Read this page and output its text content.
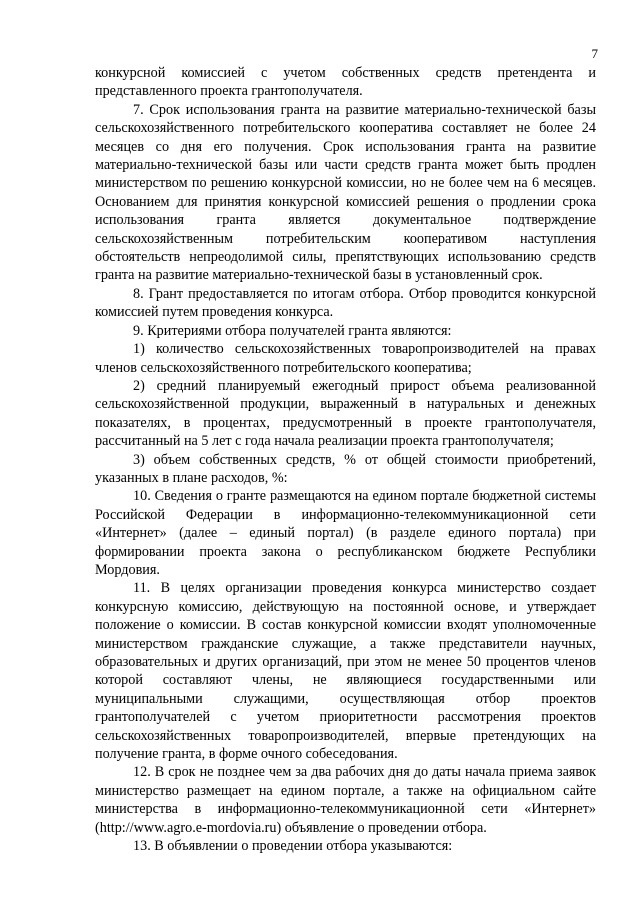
7

конкурсной комиссией с учетом собственных средств претендента и представленного проекта грантополучателя.

7. Срок использования гранта на развитие материально-технической базы сельскохозяйственного потребительского кооператива составляет не более 24 месяцев со дня его получения. Срок использования гранта на развитие материально-технической базы или части средств гранта может быть продлен министерством по решению конкурсной комиссии, но не более чем на 6 месяцев. Основанием для принятия конкурсной комиссией решения о продлении срока использования гранта является документальное подтверждение сельскохозяйственным потребительским кооперативом наступления обстоятельств непреодолимой силы, препятствующих использованию средств гранта на развитие материально-технической базы в установленный срок.

8. Грант предоставляется по итогам отбора. Отбор проводится конкурсной комиссией путем проведения конкурса.

9. Критериями отбора получателей гранта являются:

1) количество сельскохозяйственных товаропроизводителей на правах членов сельскохозяйственного потребительского кооператива;

2) средний планируемый ежегодный прирост объема реализованной сельскохозяйственной продукции, выраженный в натуральных и денежных показателях, в процентах, предусмотренный в проекте грантополучателя, рассчитанный на 5 лет с года начала реализации проекта грантополучателя;

3) объем собственных средств, % от общей стоимости приобретений, указанных в плане расходов, %:

10. Сведения о гранте размещаются на едином портале бюджетной системы Российской Федерации в информационно-телекоммуникационной сети «Интернет» (далее – единый портал) (в разделе единого портала) при формировании проекта закона о республиканском бюджете Республики Мордовия.

11. В целях организации проведения конкурса министерство создает конкурсную комиссию, действующую на постоянной основе, и утверждает положение о комиссии. В состав конкурсной комиссии входят уполномоченные министерством гражданские служащие, а также представители научных, образовательных и других организаций, при этом не менее 50 процентов членов которой составляют члены, не являющиеся государственными или муниципальными служащими, осуществляющая отбор проектов грантополучателей с учетом приоритетности рассмотрения проектов сельскохозяйственных товаропроизводителей, впервые претендующих на получение гранта, в форме очного собеседования.

12. В срок не позднее чем за два рабочих дня до даты начала приема заявок министерство размещает на едином портале, а также на официальном сайте министерства в информационно-телекоммуникационной сети «Интернет» (http://www.agro.e-mordovia.ru) объявление о проведении отбора.

13. В объявлении о проведении отбора указываются:
